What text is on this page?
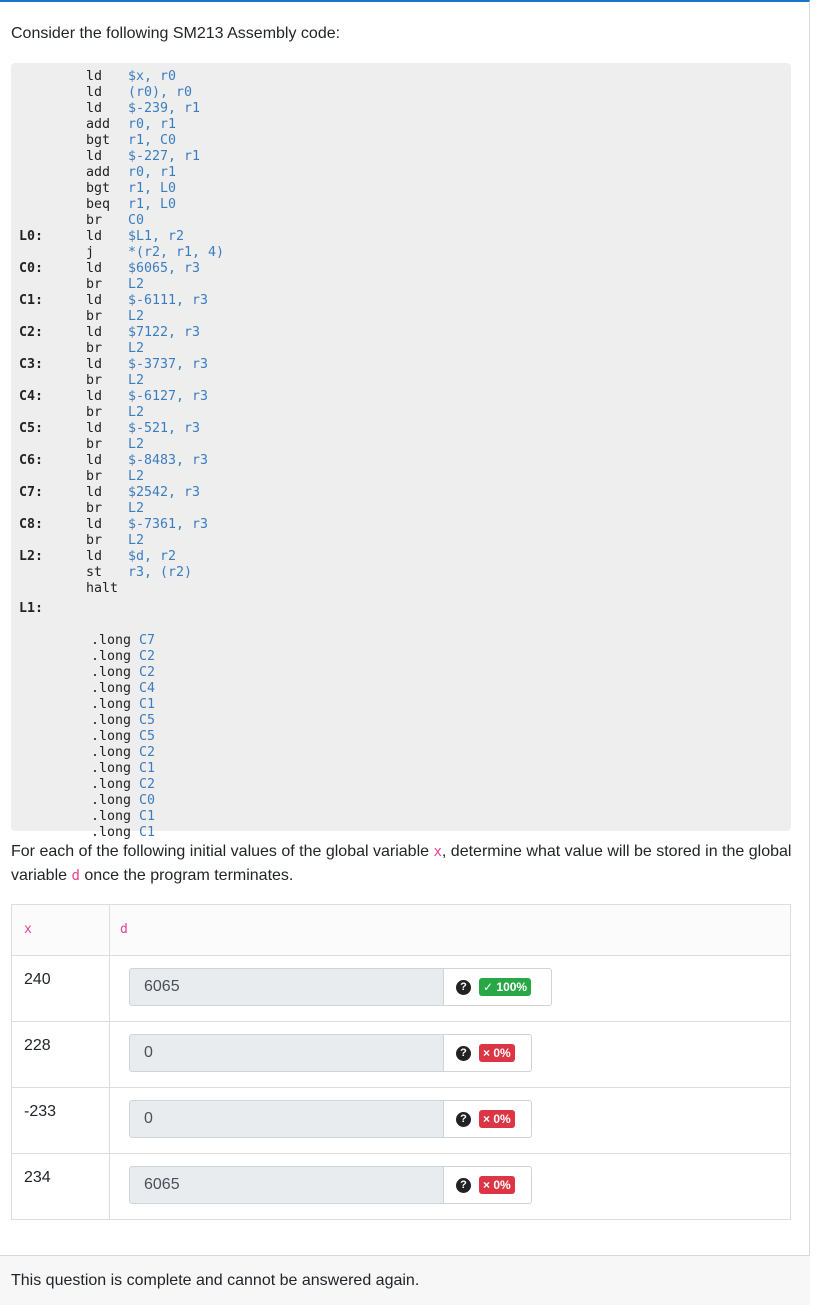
Consider the following SM213 Assembly code:
ld $x, r0
ld (r0), r0
ld $-239, r1
add r0, r1
bgt r1, C0
ld $-227, r1
add r0, r1
bgt r1, L0
beq r1, L0
br C0
L0:	ld $L1, r2
j	*(r2, r1, 4)
C0:	ld $6065, r3
br L2
C1:	ld $-6111, r3
br L2
C2:	ld $7122, r3
br L2
C3:	ld $-3737, r3
br L2
C4:	ld $-6127, r3
br L2
C5:	ld $-521, r3
br L2
C6:	ld $-8483, r3
br L2
C7:	ld $2542, r3
br L2
C8:	ld $-7361, r3
br L2
L2:	ld $d, r2
st r3, (r2)
halt
L1:
.long C7
.long C2
.long C2
.long C4
.long C1
.long C5
.long C5
.long C2
.long C1
.long C2
.long C0
.long C1
.long C1
For each of the following initial values of the global variable x, determine what value will be stored in the global variable d once the program terminates.
x	d
240	6065	?	✓ 100%
228	0	?	× 0%
-233	0	?	× 0%
234	6065	?	× 0%
This question is complete and cannot be answered again.
